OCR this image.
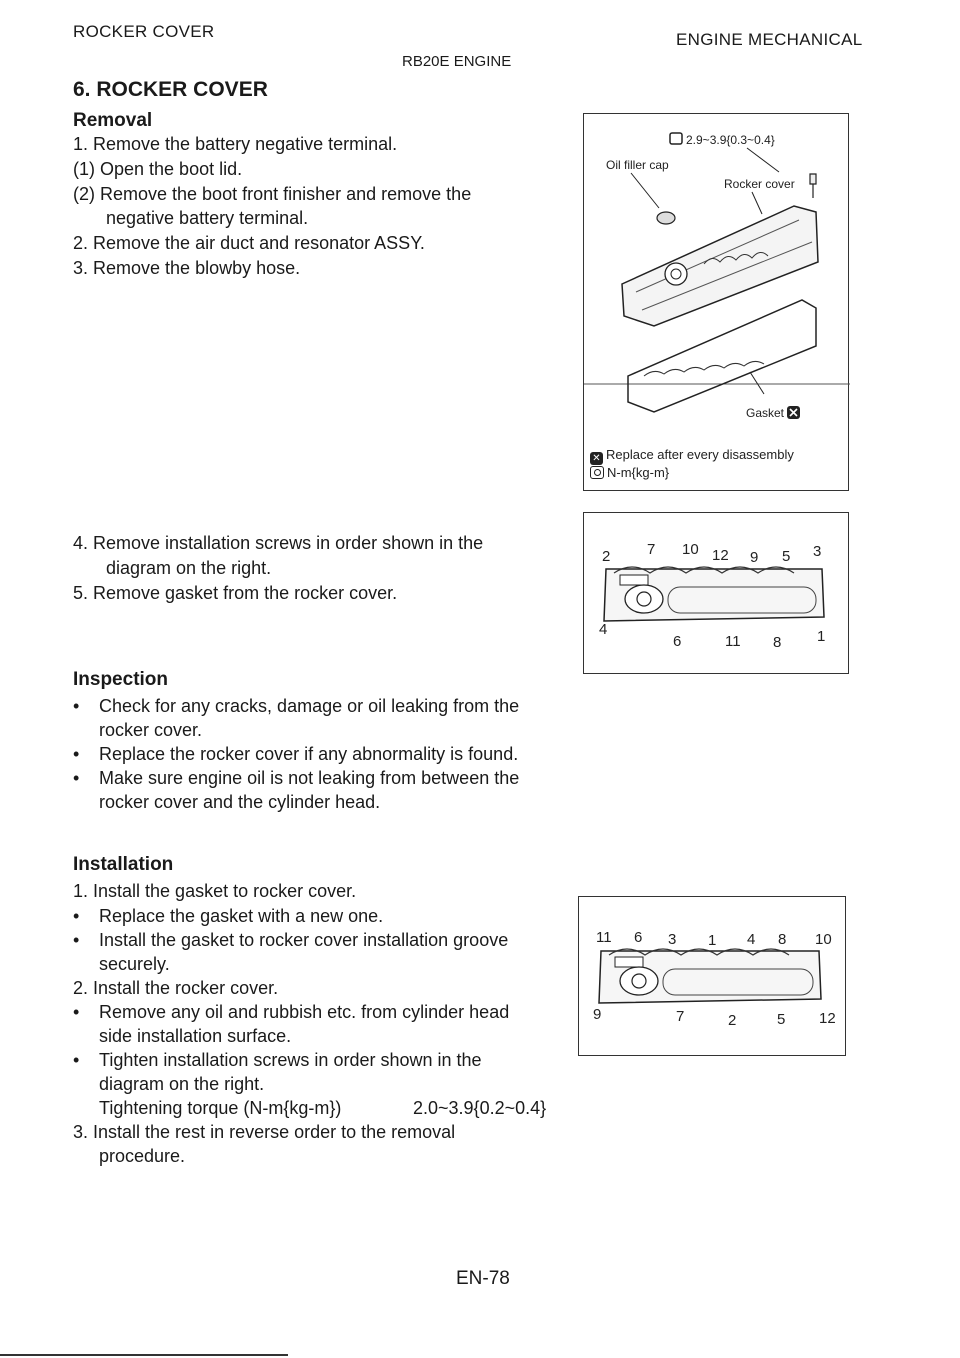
ROCKER COVER	ENGINE MECHANICAL
RB20E ENGINE
6. ROCKER COVER
Removal
1. Remove the battery negative terminal.
(1) Open the boot lid.
(2) Remove the boot front finisher and remove the
negative battery terminal.
2. Remove the air duct and resonator ASSY.
3. Remove the blowby hose.
4. Remove installation screws in order shown in the
diagram on the right.
5. Remove gasket from the rocker cover.
Inspection
• Check for any cracks, damage or oil leaking from the
rocker cover.
• Replace the rocker cover if any abnormality is found.
• Make sure engine oil is not leaking from between the
rocker cover and the cylinder head.
Installation
1. Install the gasket to rocker cover.
• Replace the gasket with a new one.
• Install the gasket to rocker cover installation groove
securely.
2. Install the rocker cover.
• Remove any oil and rubbish etc. from cylinder head
side installation surface.
• Tighten installation screws in order shown in the
diagram on the right.
Tightening torque (N-m{kg-m})	2.0~3.9{0.2~0.4}
3. Install the rest in reverse order to the removal
procedure.
2.9~3.9{0.3~0.4}
Oil filler cap
Rocker cover
Gasket
✕ Replace after every disassembly
N-m{kg-m}
2 7 10 12 9 5 3
4
6	11 8 1
11 6 3 1 4 8 10
9	7	2	5 12
EN-78
